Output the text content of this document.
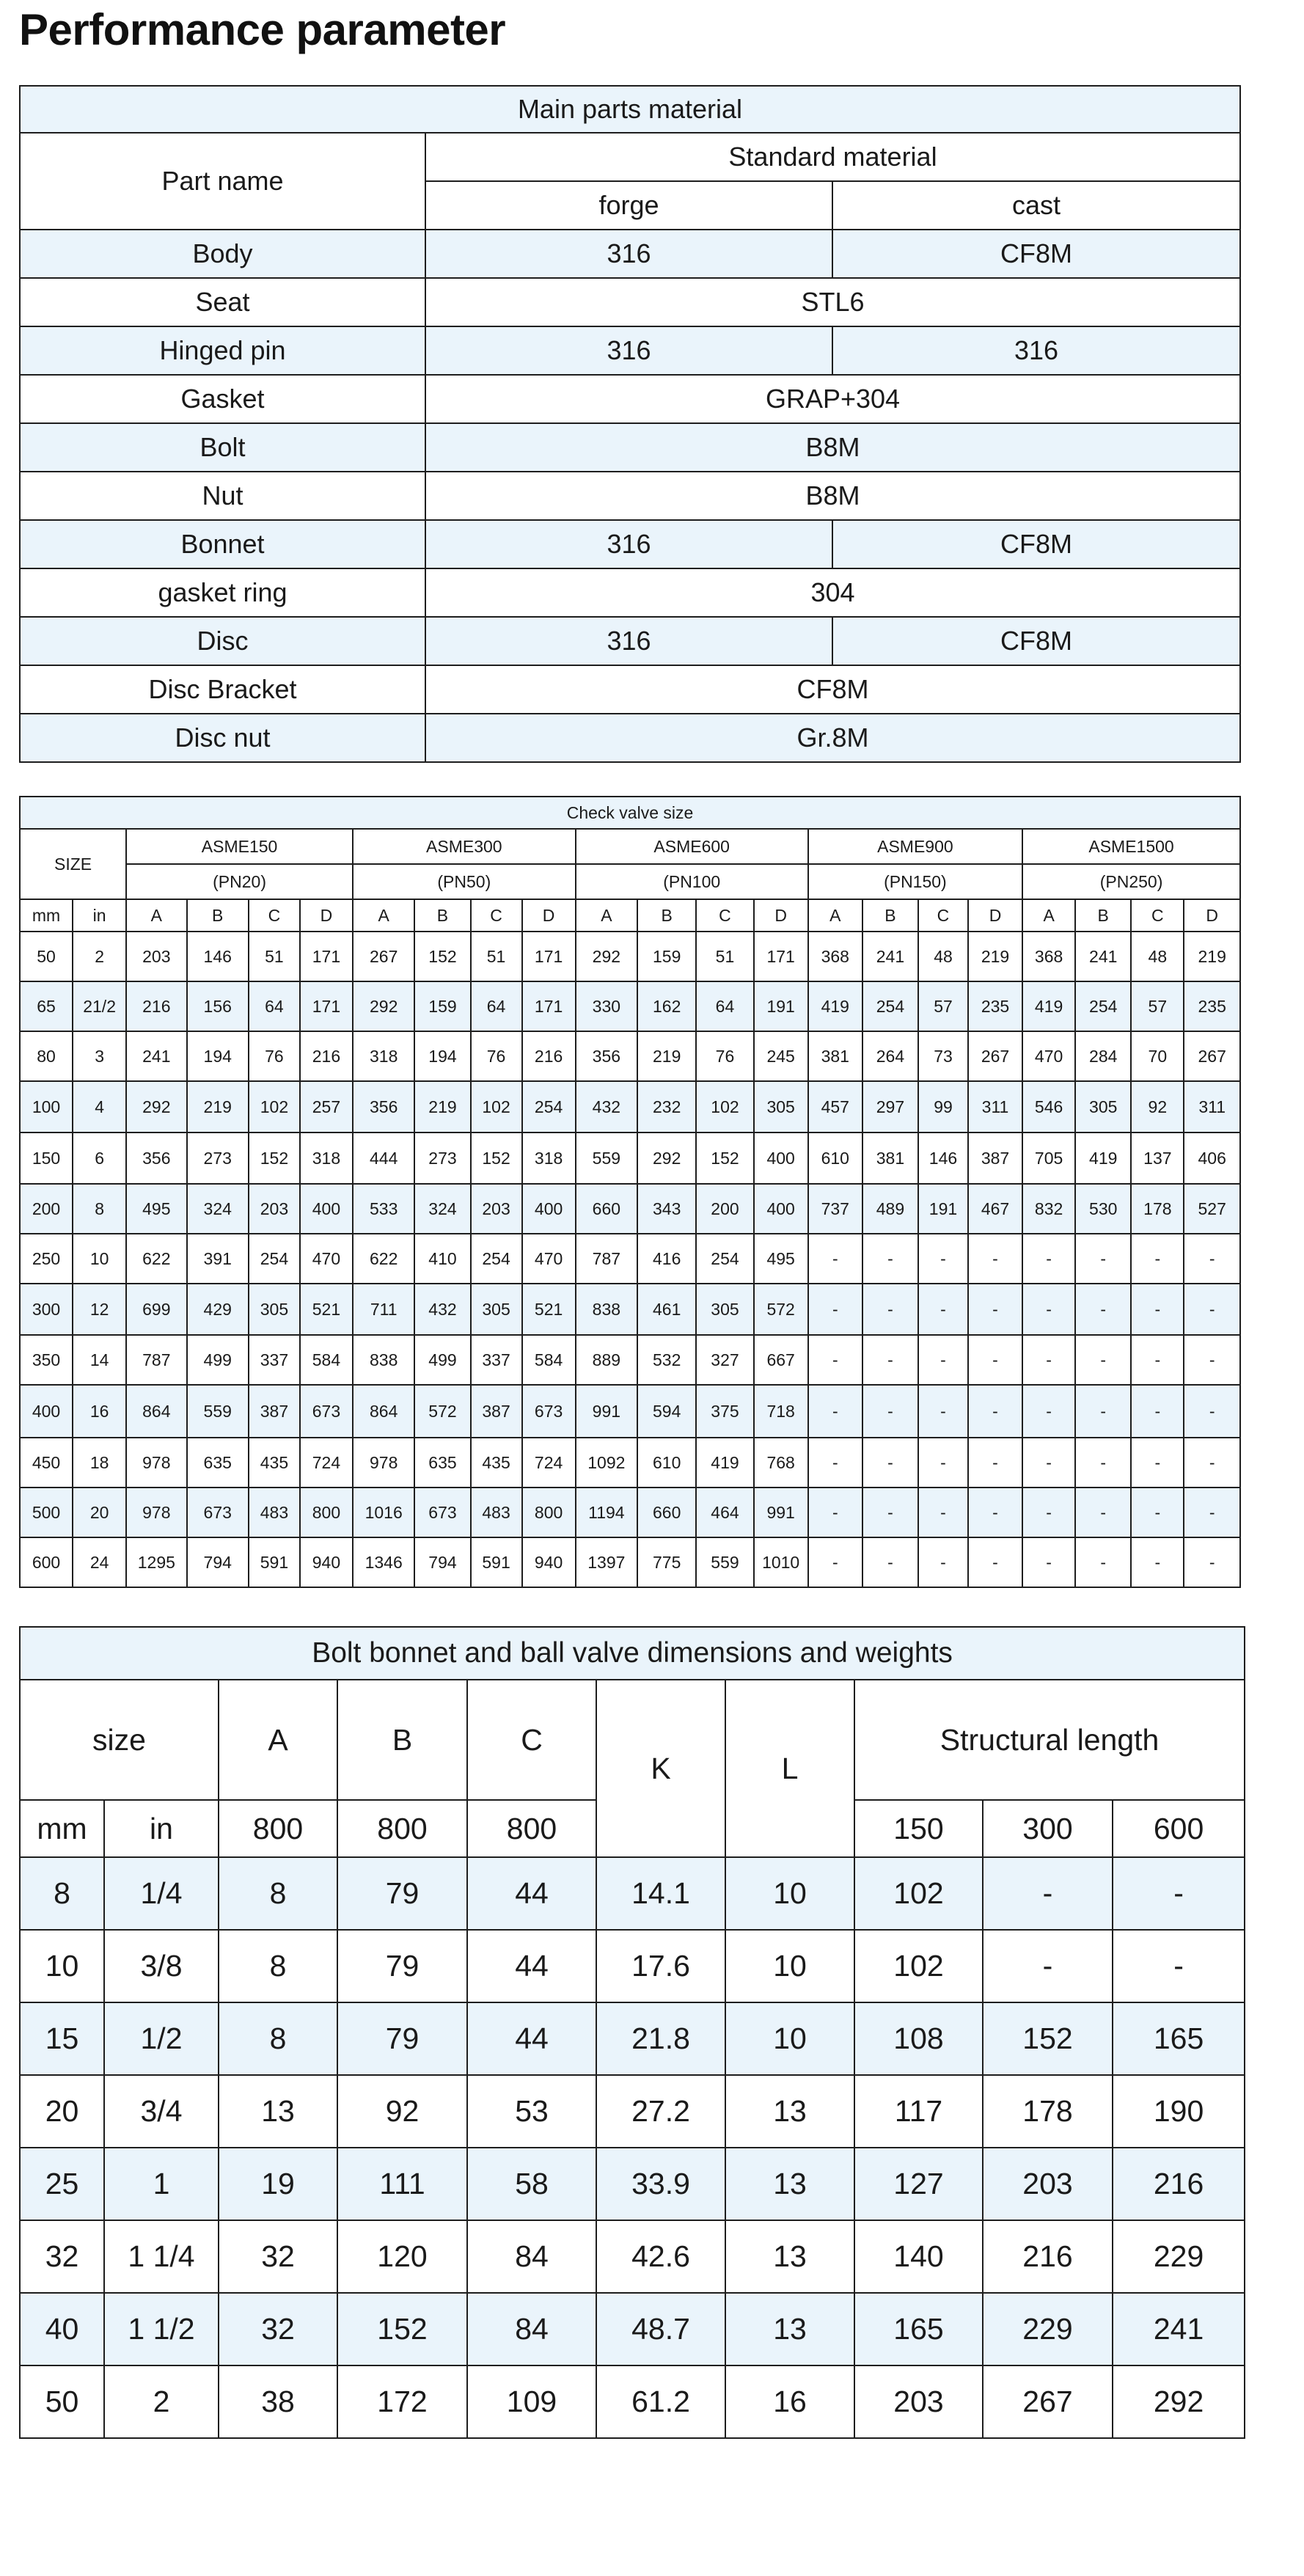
Performance parameter
Main parts material		
Part name	Standard material	
	forge	cast
Body	316	CF8M
Seat	STL6	
Hinged pin	316	316
Gasket	GRAP+304	
Bolt	B8M	
Nut	B8M	
Bonnet	316	CF8M
gasket ring	304	
Disc	316	CF8M
Disc Bracket	CF8M	
Disc nut	Gr.8M	
Check valve size																					
SIZE		ASME150				ASME300				ASME600				ASME900				ASME1500			
		(PN20)				(PN50)				(PN100				(PN150)				(PN250)			
mm	in	A	B	C	D	A	B	C	D	A	B	C	D	A	B	C	D	A	B	C	D
50	2	203	146	51	171	267	152	51	171	292	159	51	171	368	241	48	219	368	241	48	219
65	21/2	216	156	64	171	292	159	64	171	330	162	64	191	419	254	57	235	419	254	57	235
80	3	241	194	76	216	318	194	76	216	356	219	76	245	381	264	73	267	470	284	70	267
100	4	292	219	102	257	356	219	102	254	432	232	102	305	457	297	99	311	546	305	92	311
150	6	356	273	152	318	444	273	152	318	559	292	152	400	610	381	146	387	705	419	137	406
200	8	495	324	203	400	533	324	203	400	660	343	200	400	737	489	191	467	832	530	178	527
250	10	622	391	254	470	622	410	254	470	787	416	254	495	-	-	-	-	-	-	-	-
300	12	699	429	305	521	711	432	305	521	838	461	305	572	-	-	-	-	-	-	-	-
350	14	787	499	337	584	838	499	337	584	889	532	327	667	-	-	-	-	-	-	-	-
400	16	864	559	387	673	864	572	387	673	991	594	375	718	-	-	-	-	-	-	-	-
450	18	978	635	435	724	978	635	435	724	1092	610	419	768	-	-	-	-	-	-	-	-
500	20	978	673	483	800	1016	673	483	800	1194	660	464	991	-	-	-	-	-	-	-	-
600	24	1295	794	591	940	1346	794	591	940	1397	775	559	1010	-	-	-	-	-	-	-	-
Bolt bonnet and ball valve dimensions and weights									
size		A	B	C	K	L	Structural length		
mm	in	800	800	800			150	300	600
8	1/4	8	79	44	14.1	10	102	-	-
10	3/8	8	79	44	17.6	10	102	-	-
15	1/2	8	79	44	21.8	10	108	152	165
20	3/4	13	92	53	27.2	13	117	178	190
25	1	19	111	58	33.9	13	127	203	216
32	1 1/4	32	120	84	42.6	13	140	216	229
40	1 1/2	32	152	84	48.7	13	165	229	241
50	2	38	172	109	61.2	16	203	267	292
